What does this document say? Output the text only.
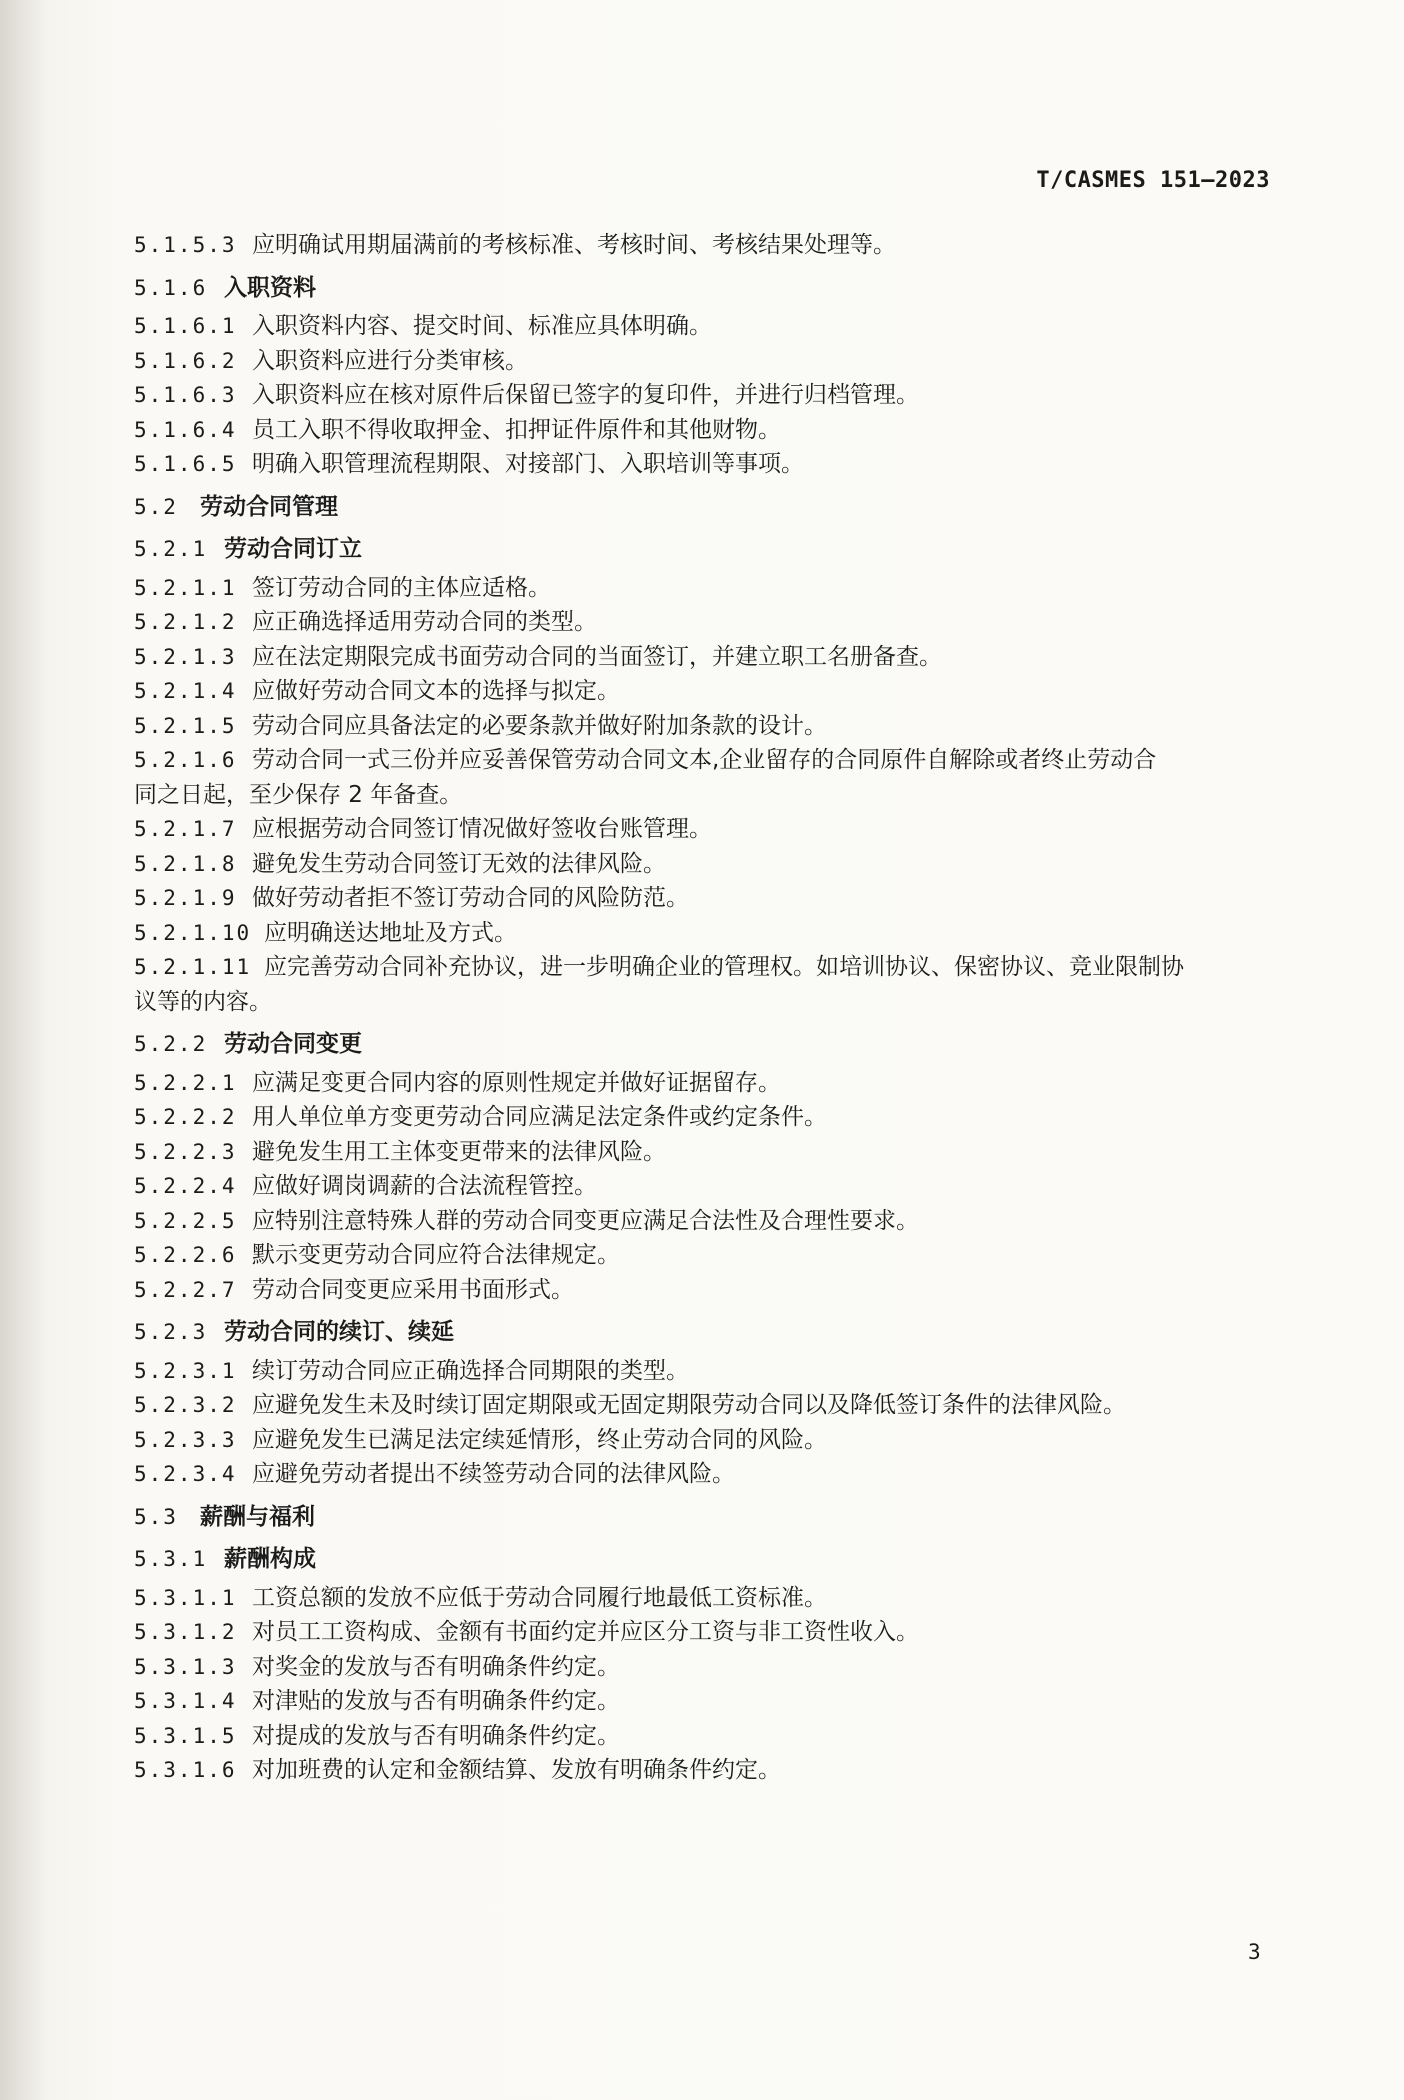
T/CASMES 151—2023
5.1.5.3 应明确试用期届满前的考核标准、考核时间、考核结果处理等。
5.1.6 入职资料
5.1.6.1 入职资料内容、提交时间、标准应具体明确。
5.1.6.2 入职资料应进行分类审核。
5.1.6.3 入职资料应在核对原件后保留已签字的复印件，并进行归档管理。
5.1.6.4 员工入职不得收取押金、扣押证件原件和其他财物。
5.1.6.5 明确入职管理流程期限、对接部门、入职培训等事项。
5.2 劳动合同管理
5.2.1 劳动合同订立
5.2.1.1 签订劳动合同的主体应适格。
5.2.1.2 应正确选择适用劳动合同的类型。
5.2.1.3 应在法定期限完成书面劳动合同的当面签订，并建立职工名册备查。
5.2.1.4 应做好劳动合同文本的选择与拟定。
5.2.1.5 劳动合同应具备法定的必要条款并做好附加条款的设计。
5.2.1.6 劳动合同一式三份并应妥善保管劳动合同文本,企业留存的合同原件自解除或者终止劳动合
同之日起，至少保存 2 年备查。
5.2.1.7 应根据劳动合同签订情况做好签收台账管理。
5.2.1.8 避免发生劳动合同签订无效的法律风险。
5.2.1.9 做好劳动者拒不签订劳动合同的风险防范。
5.2.1.10 应明确送达地址及方式。
5.2.1.11 应完善劳动合同补充协议，进一步明确企业的管理权。如培训协议、保密协议、竞业限制协
议等的内容。
5.2.2 劳动合同变更
5.2.2.1 应满足变更合同内容的原则性规定并做好证据留存。
5.2.2.2 用人单位单方变更劳动合同应满足法定条件或约定条件。
5.2.2.3 避免发生用工主体变更带来的法律风险。
5.2.2.4 应做好调岗调薪的合法流程管控。
5.2.2.5 应特别注意特殊人群的劳动合同变更应满足合法性及合理性要求。
5.2.2.6 默示变更劳动合同应符合法律规定。
5.2.2.7 劳动合同变更应采用书面形式。
5.2.3 劳动合同的续订、续延
5.2.3.1 续订劳动合同应正确选择合同期限的类型。
5.2.3.2 应避免发生未及时续订固定期限或无固定期限劳动合同以及降低签订条件的法律风险。
5.2.3.3 应避免发生已满足法定续延情形，终止劳动合同的风险。
5.2.3.4 应避免劳动者提出不续签劳动合同的法律风险。
5.3 薪酬与福利
5.3.1 薪酬构成
5.3.1.1 工资总额的发放不应低于劳动合同履行地最低工资标准。
5.3.1.2 对员工工资构成、金额有书面约定并应区分工资与非工资性收入。
5.3.1.3 对奖金的发放与否有明确条件约定。
5.3.1.4 对津贴的发放与否有明确条件约定。
5.3.1.5 对提成的发放与否有明确条件约定。
5.3.1.6 对加班费的认定和金额结算、发放有明确条件约定。
3
